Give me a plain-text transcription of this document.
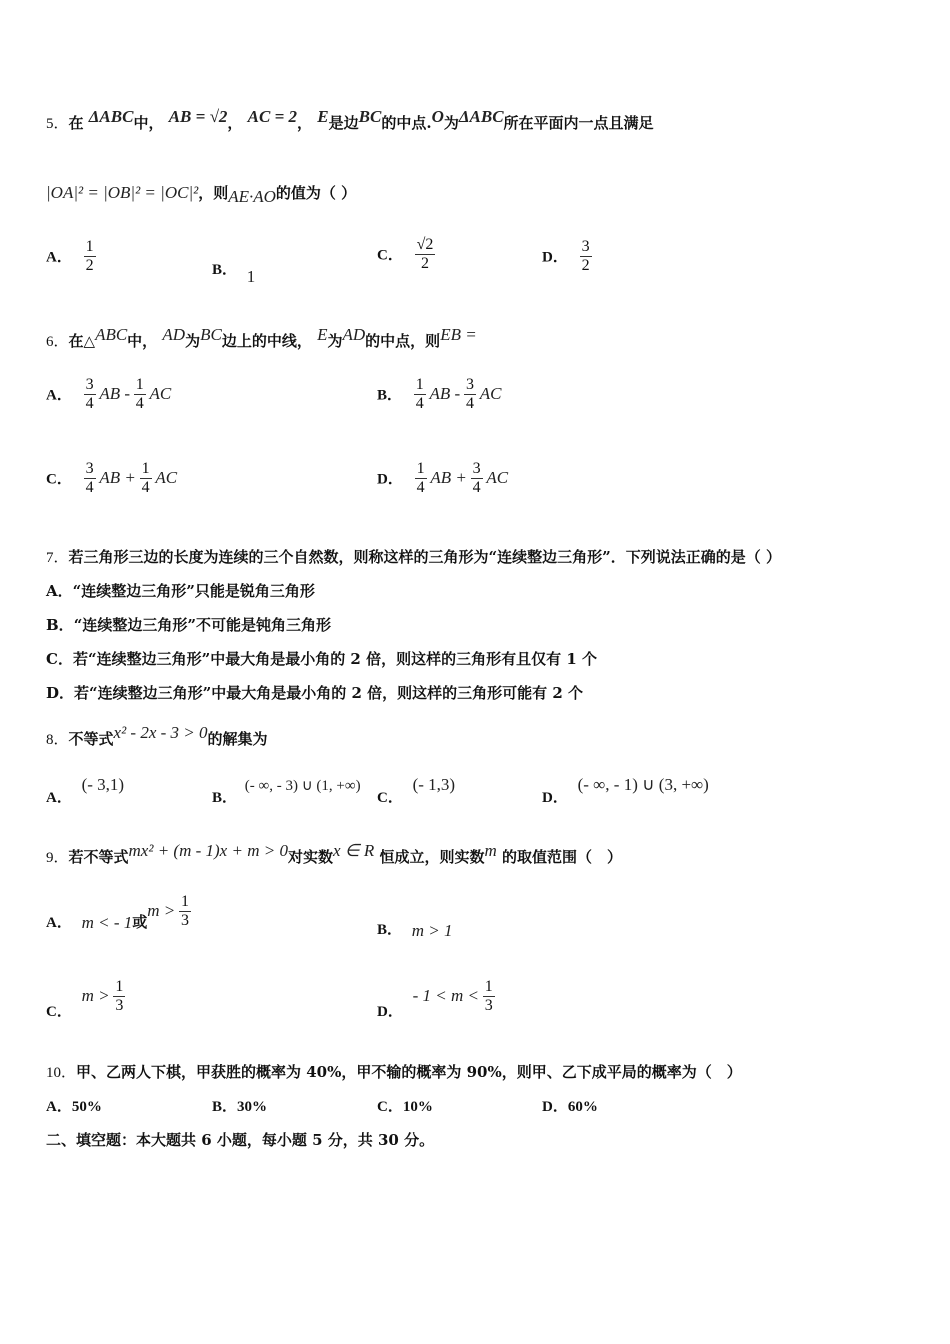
5．在 ΔABC中， AB = √2， AC = 2， E是边BC的中点.O为ΔABC所在平面内一点且满足
|OA|² = |OB|² = |OC|²，则AE·AO的值为（ ）
A． $\frac{1}{2}$	B． 1
C． $\frac{√2}{2}$	D． $\frac{3}{2}$
6．在△ABC中， AD为BC边上的中线， E为AD的中点，则EB =
A． $\frac{3}{4}$ AB - $\frac{1}{4}$ AC	B． $\frac{1}{4}$ AB - $\frac{3}{4}$ AC
C． $\frac{3}{4}$ AB + $\frac{1}{4}$ AC	D． $\frac{1}{4}$ AB + $\frac{3}{4}$ AC
7．若三角形三边的长度为连续的三个自然数，则称这样的三角形为“连续整边三角形”．下列说法正确的是（ ）
A．“连续整边三角形”只能是锐角三角形
B．“连续整边三角形”不可能是钝角三角形
C．若“连续整边三角形”中最大角是最小角的 2 倍，则这样的三角形有且仅有 1 个
D．若“连续整边三角形”中最大角是最小角的 2 倍，则这样的三角形可能有 2 个
8．不等式x² - 2x - 3 > 0的解集为
A． (- 3,1)
B． (- ∞, - 3) ∪ (1, +∞)
C． (- 1,3)
D． (- ∞, - 1) ∪ (3, +∞)
9．若不等式mx² + (m - 1)x + m > 0对实数x ∈ R 恒成立，则实数m 的取值范围（　）
A． m < - 1或$m > \frac{1}{3}$
B． m > 1
C． $m > \frac{1}{3}$	D． - $1 < m < \frac{1}{3}$
10．甲、乙两人下棋，甲获胜的概率为 40%，甲不输的概率为 90%，则甲、乙下成平局的概率为（　）
A．50%	B．30%	C．10%	D．60%
二、填空题：本大题共 6 小题，每小题 5 分，共 30 分。
